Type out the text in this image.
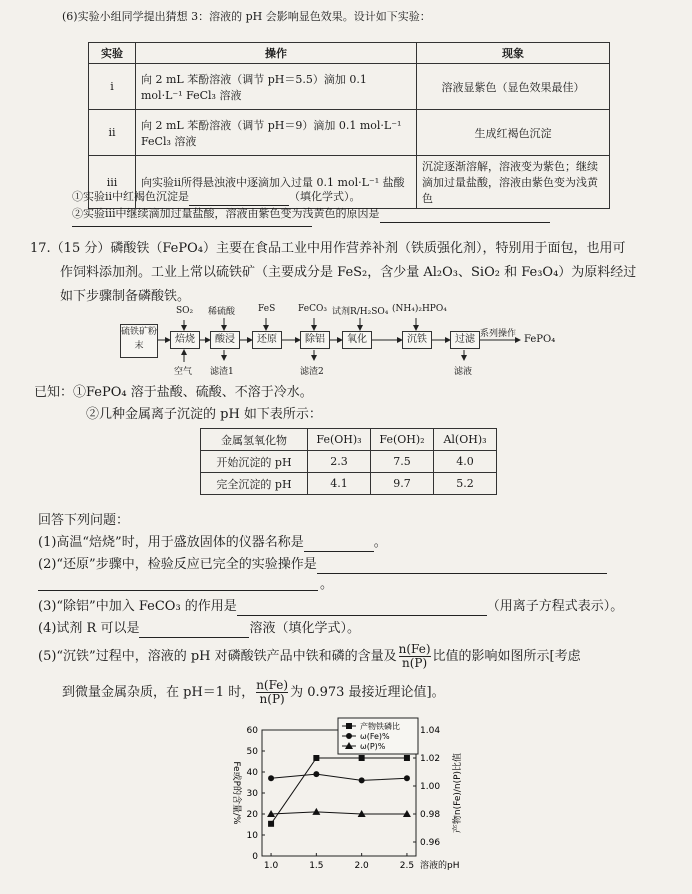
(6)实验小组同学提出猜想 3：溶液的 pH 会影响显色效果。设计如下实验：
实验	操作	现象
ⅰ	向 2 mL 苯酚溶液（调节 pH＝5.5）滴加 0.1 mol·L⁻¹ FeCl₃ 溶液	溶液显紫色（显色效果最佳）
ⅱ	向 2 mL 苯酚溶液（调节 pH＝9）滴加 0.1 mol·L⁻¹ FeCl₃ 溶液	生成红褐色沉淀
ⅲ	向实验ⅱ所得悬浊液中逐滴加入过量 0.1 mol·L⁻¹ 盐酸	沉淀逐渐溶解，溶液变为紫色；继续滴加过量盐酸，溶液由紫色变为浅黄色
①实验ⅱ中红褐色沉淀是	（填化学式）。
②实验ⅲ中继续滴加过量盐酸，溶液由紫色变为浅黄色的原因是
17.（15 分）磷酸铁（FePO₄）主要在食品工业中用作营养补剂（铁质强化剂），特别用于面包，也用可
作饲料添加剂。工业上常以硫铁矿（主要成分是 FeS₂，含少量 Al₂O₃、SiO₂ 和 Fe₃O₄）为原料经过
如下步骤制备磷酸铁。
硫铁矿粉末
焙烧	酸浸	还原	除铝	氧化	沉铁	过滤
SO₂ 稀硫酸	FeS	FeCO₃ 试剂R/H₂SO₄ (NH₄)₂HPO₄
空气 滤渣1	滤渣2	滤液
系列操作 FePO₄
已知：①FePO₄ 溶于盐酸、硫酸、不溶于冷水。
②几种金属离子沉淀的 pH 如下表所示：
金属氢氧化物	Fe(OH)₃	Fe(OH)₂	Al(OH)₃
开始沉淀的 pH	2.3	7.5	4.0
完全沉淀的 pH	4.1	9.7	5.2
回答下列问题：
(1)高温“焙烧”时，用于盛放固体的仪器名称是	。
(2)“还原”步骤中，检验反应已完全的实验操作是
。
(3)“除铝”中加入 FeCO₃ 的作用是	（用离子方程式表示）。
(4)试剂 R 可以是	溶液（填化学式）。
(5)“沉铁”过程中，溶液的 pH 对磷酸铁产品中铁和磷的含量及 $\frac{n(Fe)}{n(P)}$ 比值的影响如图所示[考虑
到微量金属杂质，在 pH＝1 时， $\frac{n(Fe)}{n(P)}$ 为 0.973 最接近理论值]。
0
10
20
30
40
50
60
0.96
0.98
1.00
1.02
1.04
1.0	1.5	2.0	2.5 溶液的pH
Fe或P的含量/%	产物n(Fe)/n(P)比值
产物铁磷比
ω(Fe)%
ω(P)%
